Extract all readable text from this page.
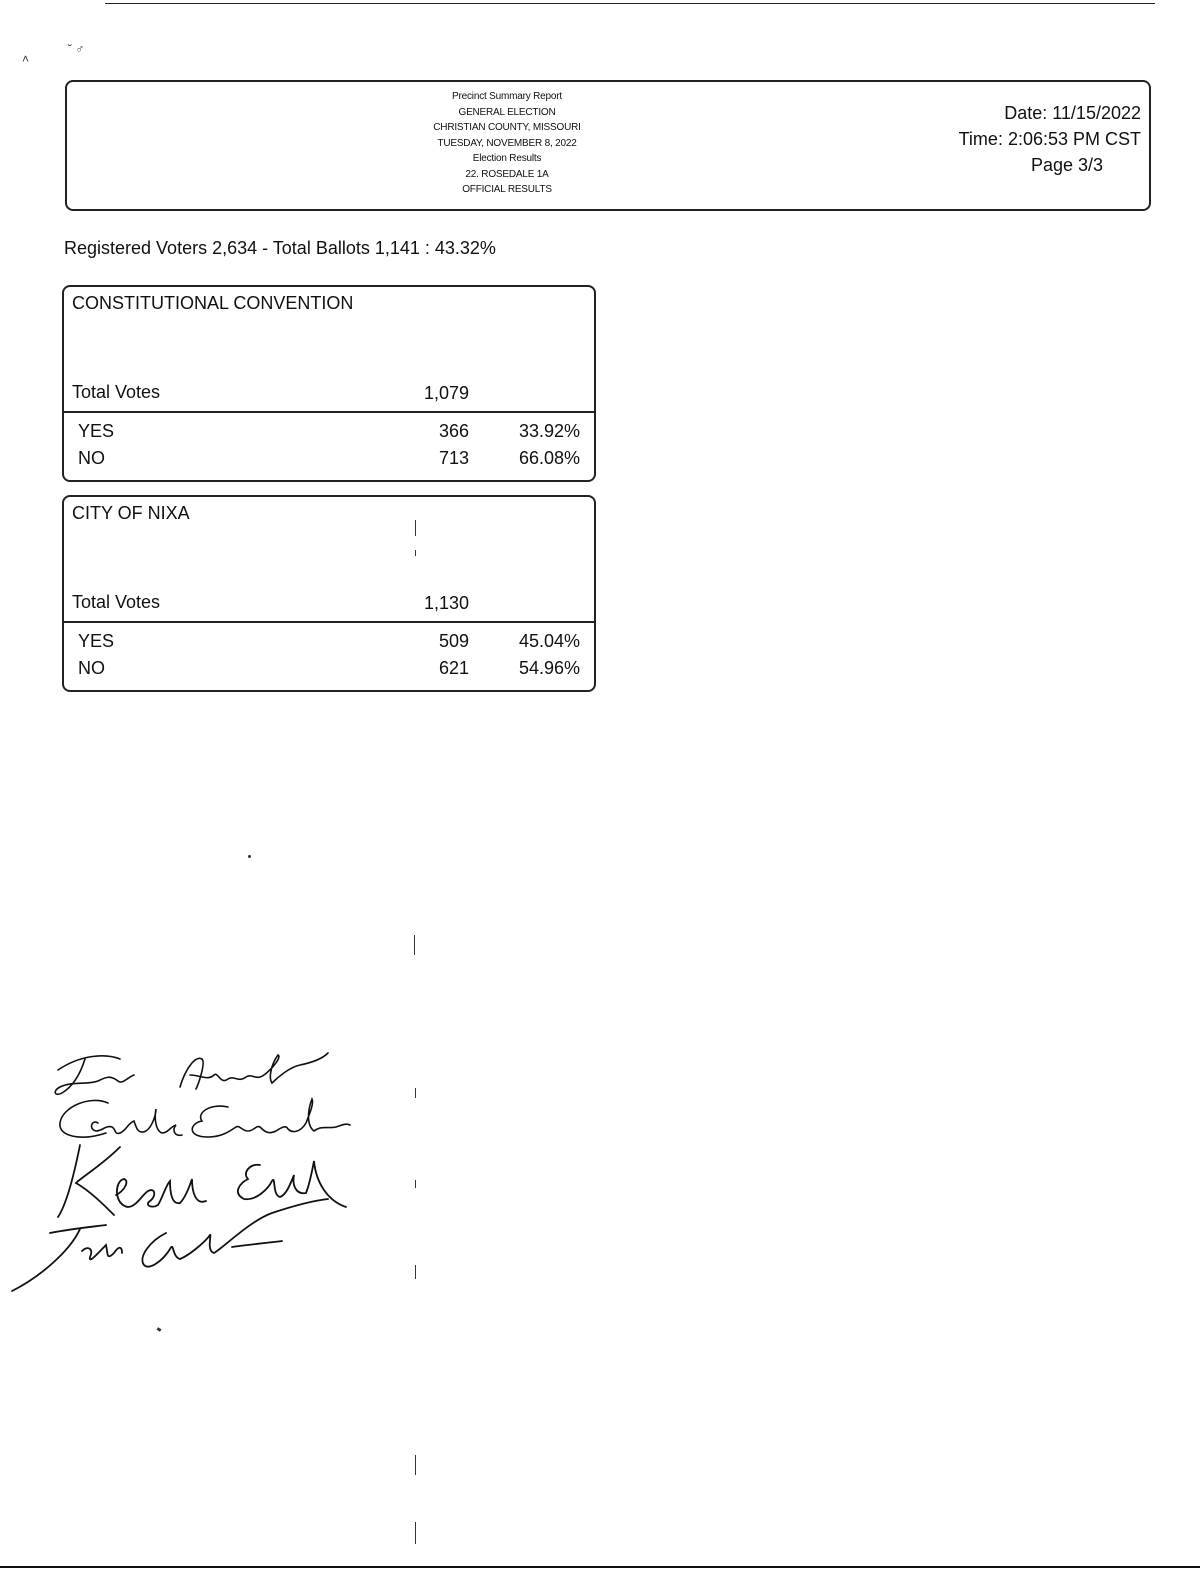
˄
˘ ♂
Precinct Summary Report
GENERAL ELECTION
CHRISTIAN COUNTY, MISSOURI
TUESDAY, NOVEMBER 8, 2022
Election Results
22. ROSEDALE 1A
OFFICIAL RESULTS
Date: 11/15/2022
Time: 2:06:53 PM CST
Page 3/3
Registered Voters 2,634 - Total Ballots 1,141 : 43.32%
CONSTITUTIONAL CONVENTION
Total Votes	1,079
YES	366	33.92%
NO	713	66.08%
CITY OF NIXA
Total Votes	1,130
YES	509	45.04%
NO	621	54.96%
